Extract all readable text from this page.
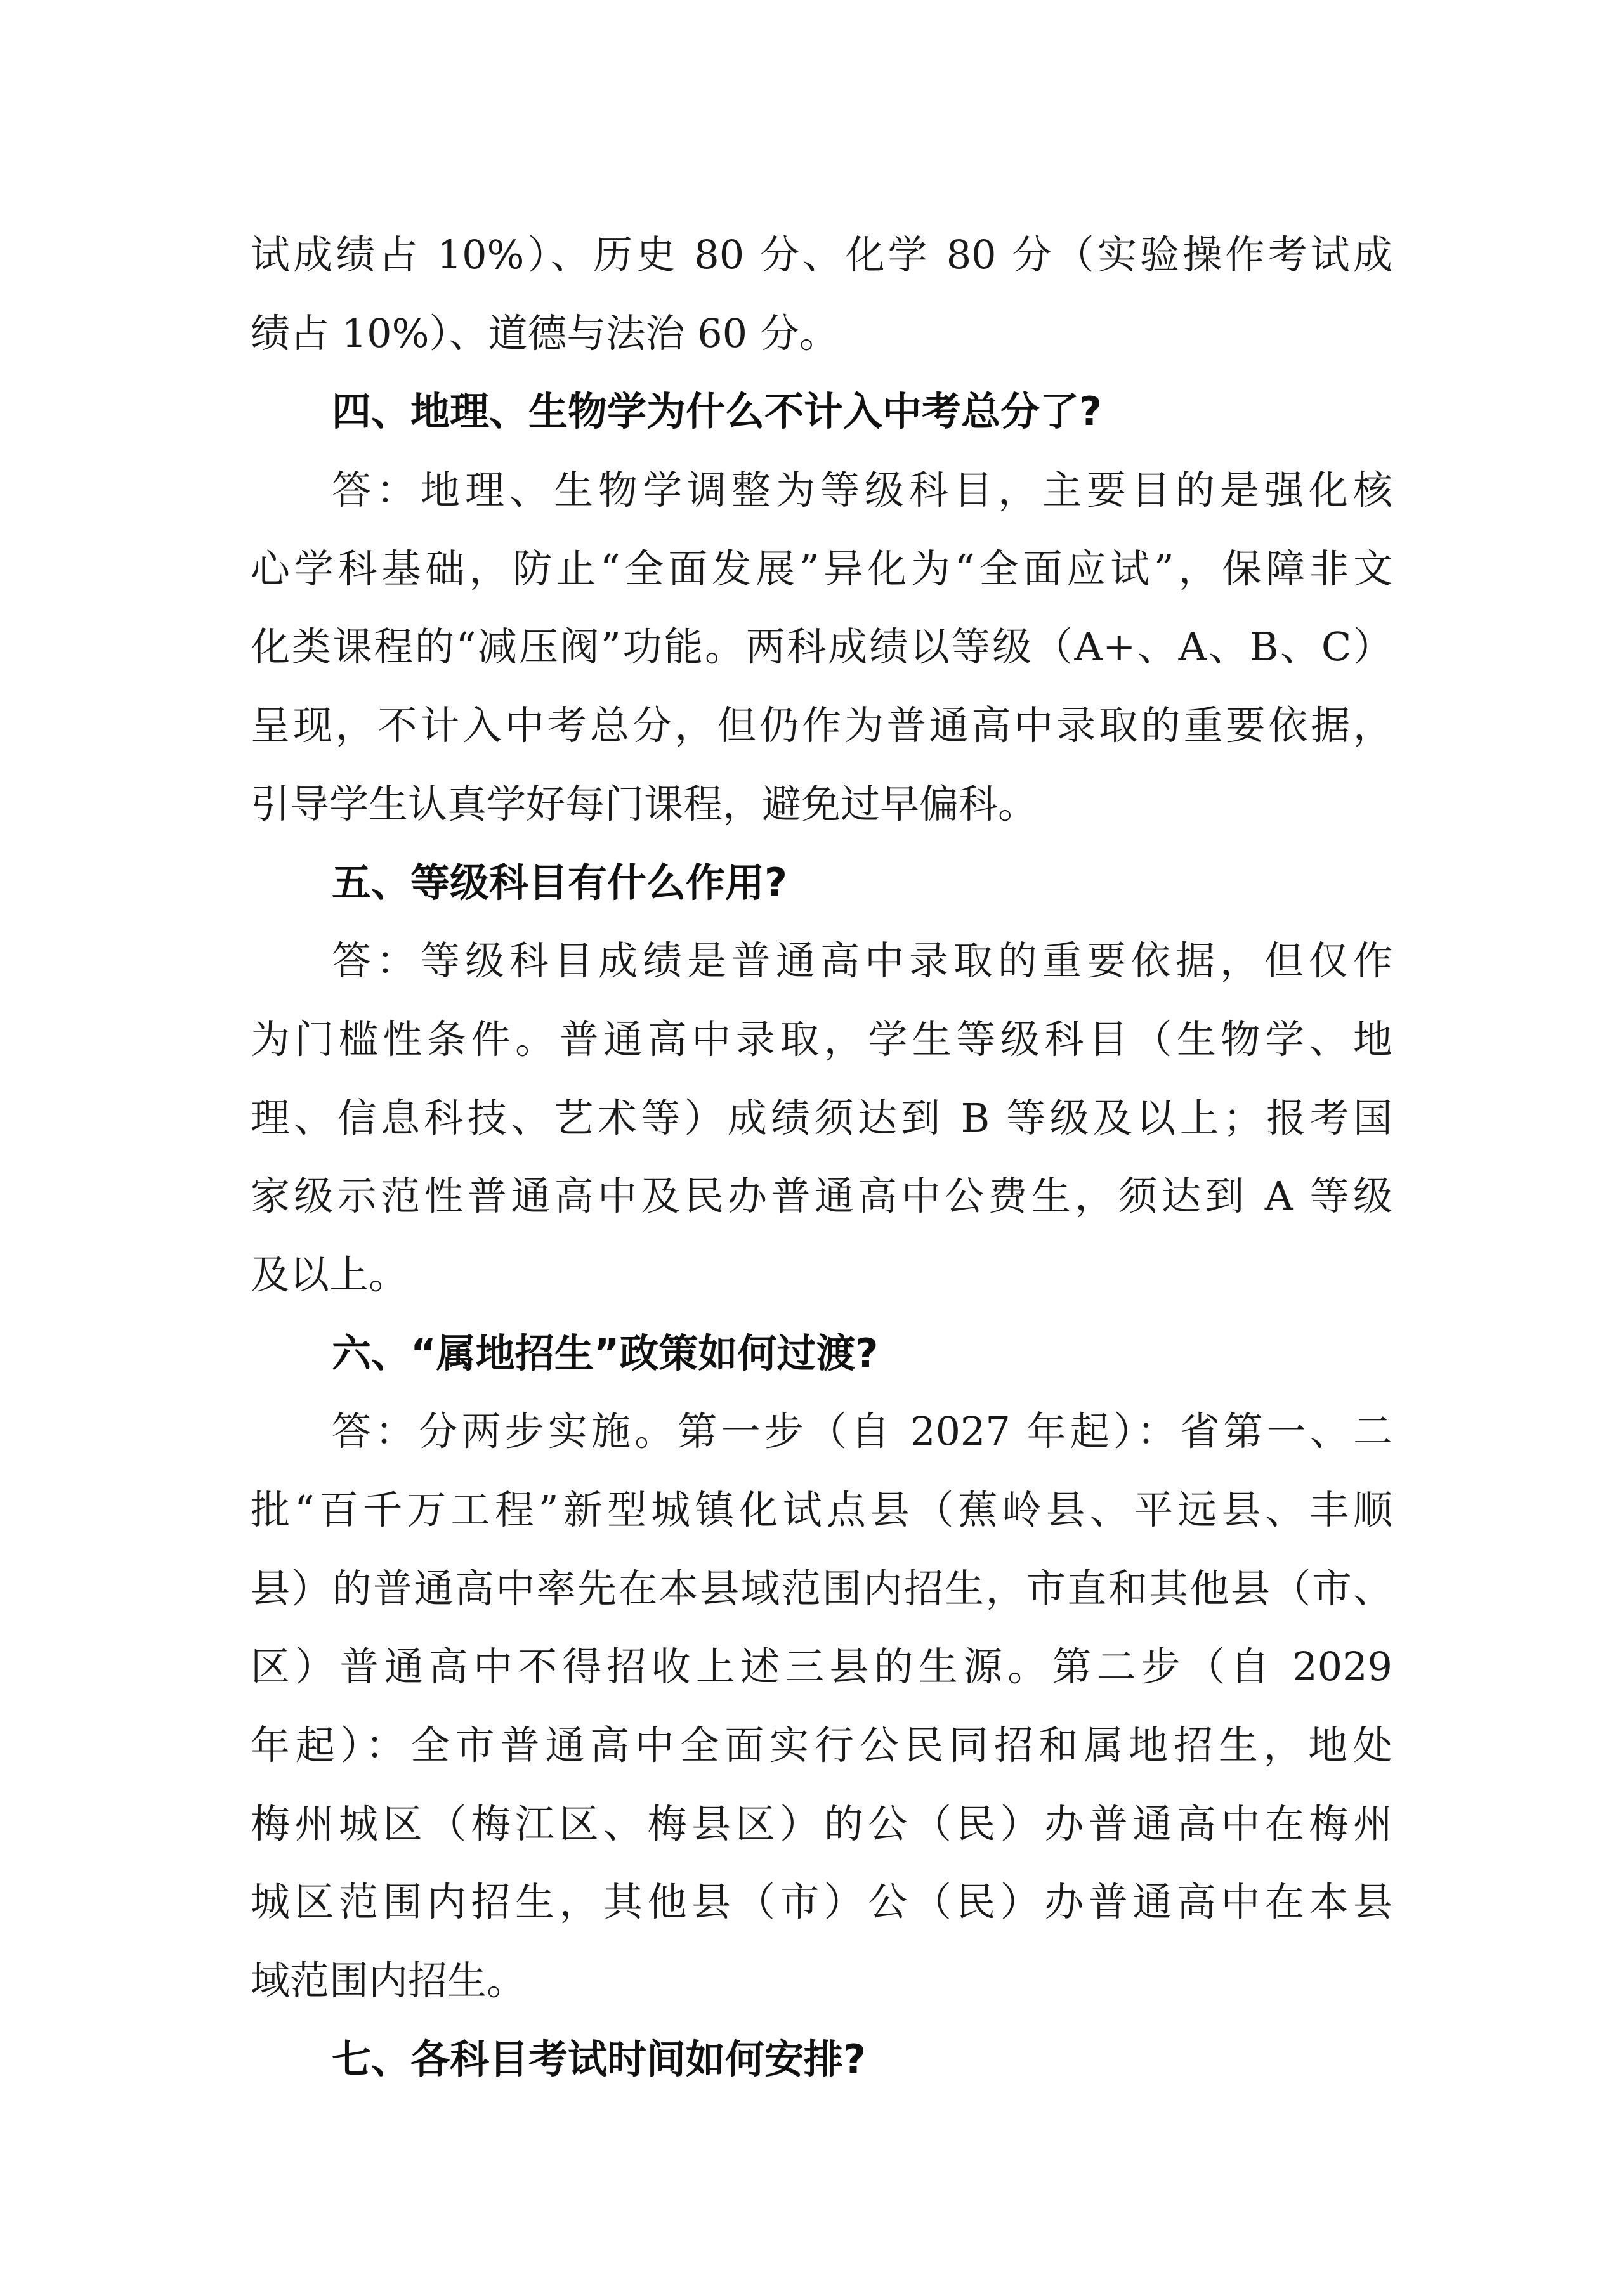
试成绩占 10%）、历史 80 分、化学 80 分（实验操作考试成
绩占 10%）、道德与法治 60 分。
四、地理、生物学为什么不计入中考总分了?
答：地理、生物学调整为等级科目，主要目的是强化核
心学科基础，防止“全面发展”异化为“全面应试”，保障非文
化类课程的“减压阀”功能。两科成绩以等级（A+、A、B、C）
呈现，不计入中考总分，但仍作为普通高中录取的重要依据，
引导学生认真学好每门课程，避免过早偏科。
五、等级科目有什么作用?
答：等级科目成绩是普通高中录取的重要依据，但仅作
为门槛性条件。普通高中录取，学生等级科目（生物学、地
理、信息科技、艺术等）成绩须达到 B 等级及以上；报考国
家级示范性普通高中及民办普通高中公费生，须达到 A 等级
及以上。
六、“属地招生”政策如何过渡?
答：分两步实施。第一步（自 2027 年起）：省第一、二
批“百千万工程”新型城镇化试点县（蕉岭县、平远县、丰顺
县）的普通高中率先在本县域范围内招生，市直和其他县（市、
区）普通高中不得招收上述三县的生源。第二步（自 2029
年起）：全市普通高中全面实行公民同招和属地招生，地处
梅州城区（梅江区、梅县区）的公（民）办普通高中在梅州
城区范围内招生，其他县（市）公（民）办普通高中在本县
域范围内招生。
七、各科目考试时间如何安排?
